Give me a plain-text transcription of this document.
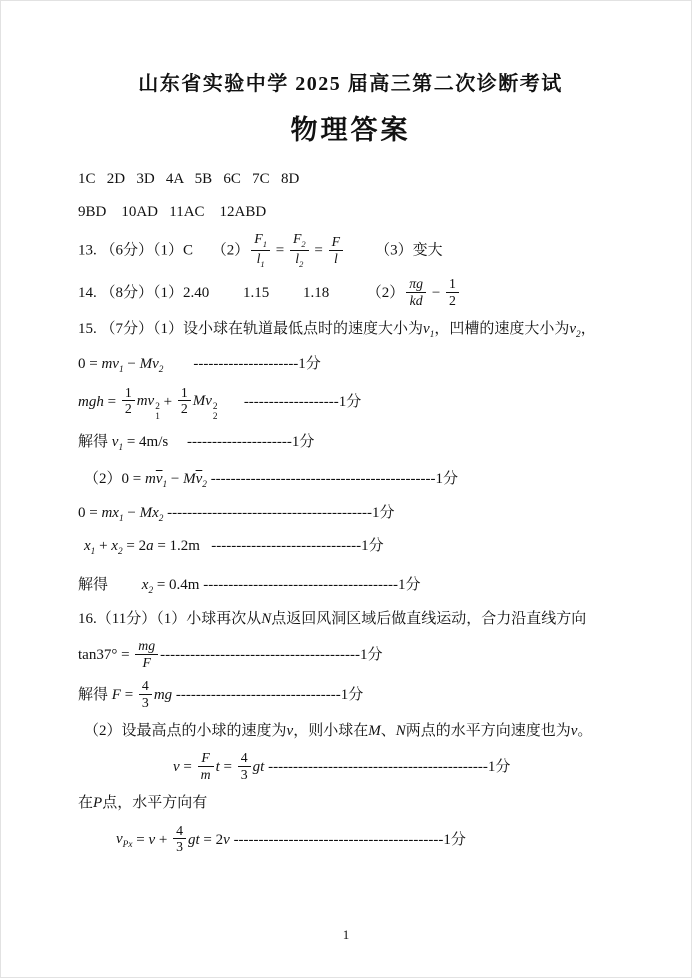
山东省实验中学 2025 届高三第二次诊断考试
物理答案
1C   2D   3D   4A   5B   6C   7C   8D
9BD    10AD   11AC    12ABD
13. （6分）（1）C     $(2) \frac{F_1}{l_1} = \frac{F_2}{l_2} = \frac{F}{l} (3)$变大
14. （8分）（1）2.40         1.15         1.18          $(2) \frac{\pi g}{kd} - \frac{1}{2}$
15. （7分）（1）设小球在轨道最低点时的速度大小为$v_1$，凹槽的速度大小为$v_2$，
$0 = mv_1 - Mv_2$        ---------------------1分
mgh = $\frac{1}{2}$ mv 2
1
+ $\frac{1}{2}$ Mv 2
2
-------------------1分
解得 $v_1 = 4m/s$     ---------------------1分
$(2)0 = m\overline{v}_1 - M\overline{v}_2$ ---------------------------------------------1分
$0 = mx_1 - Mx_2$ -----------------------------------------1分
$x_1 + x_2 = 2a = 1.2m$   ------------------------------1分
解得         $x_2 = 0.4m$ ---------------------------------------1分
16.（11分）（1）小球再次从N点返回风洞区域后做直线运动，合力沿直线方向
$\tan 37^\circ = \frac{mg}{F} ----------------------------------------1$分
解得 $F = \frac{4}{3}$ mg ---------------------------------1分
（2）设最高点的小球的速度为v，则小球在M、N两点的水平方向速度也为v。
$v = \frac{F}{m}$ $t = \frac{4}{3}$ gt --------------------------------------------1分
在P点，水平方向有
$v_{Px} = v + \frac{4}{3}$ gt = 2v ------------------------------------------1分
1
